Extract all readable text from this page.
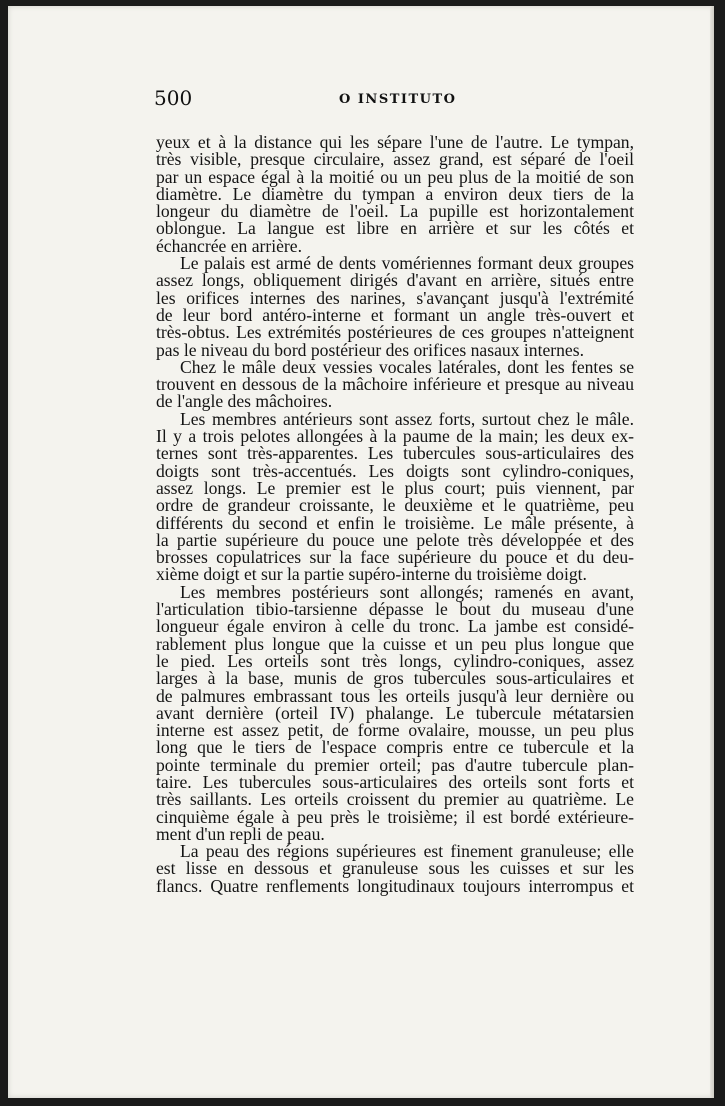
500	O INSTITUTO
yeux et à la distance qui les sépare l'une de l'autre. Le tympan,
très visible, presque circulaire, assez grand, est séparé de l'oeil
par un espace égal à la moitié ou un peu plus de la moitié de son
diamètre. Le diamètre du tympan a environ deux tiers de la
longeur du diamètre de l'oeil. La pupille est horizontalement
oblongue. La langue est libre en arrière et sur les côtés et
échancrée en arrière.
Le palais est armé de dents vomériennes formant deux groupes
assez longs, obliquement dirigés d'avant en arrière, situés entre
les orifices internes des narines, s'avançant jusqu'à l'extrémité
de leur bord antéro-interne et formant un angle très-ouvert et
très-obtus. Les extrémités postérieures de ces groupes n'atteignent
pas le niveau du bord postérieur des orifices nasaux internes.
Chez le mâle deux vessies vocales latérales, dont les fentes se
trouvent en dessous de la mâchoire inférieure et presque au niveau
de l'angle des mâchoires.
Les membres antérieurs sont assez forts, surtout chez le mâle.
Il y a trois pelotes allongées à la paume de la main; les deux ex-
ternes sont très-apparentes. Les tubercules sous-articulaires des
doigts sont très-accentués. Les doigts sont cylindro-coniques,
assez longs. Le premier est le plus court; puis viennent, par
ordre de grandeur croissante, le deuxième et le quatrième, peu
différents du second et enfin le troisième. Le mâle présente, à
la partie supérieure du pouce une pelote très développée et des
brosses copulatrices sur la face supérieure du pouce et du deu-
xième doigt et sur la partie supéro-interne du troisième doigt.
Les membres postérieurs sont allongés; ramenés en avant,
l'articulation tibio-tarsienne dépasse le bout du museau d'une
longueur égale environ à celle du tronc. La jambe est considé-
rablement plus longue que la cuisse et un peu plus longue que
le pied. Les orteils sont très longs, cylindro-coniques, assez
larges à la base, munis de gros tubercules sous-articulaires et
de palmures embrassant tous les orteils jusqu'à leur dernière ou
avant dernière (orteil IV) phalange. Le tubercule métatarsien
interne est assez petit, de forme ovalaire, mousse, un peu plus
long que le tiers de l'espace compris entre ce tubercule et la
pointe terminale du premier orteil; pas d'autre tubercule plan-
taire. Les tubercules sous-articulaires des orteils sont forts et
très saillants. Les orteils croissent du premier au quatrième. Le
cinquième égale à peu près le troisième; il est bordé extérieure-
ment d'un repli de peau.
La peau des régions supérieures est finement granuleuse; elle
est lisse en dessous et granuleuse sous les cuisses et sur les
flancs. Quatre renflements longitudinaux toujours interrompus et
